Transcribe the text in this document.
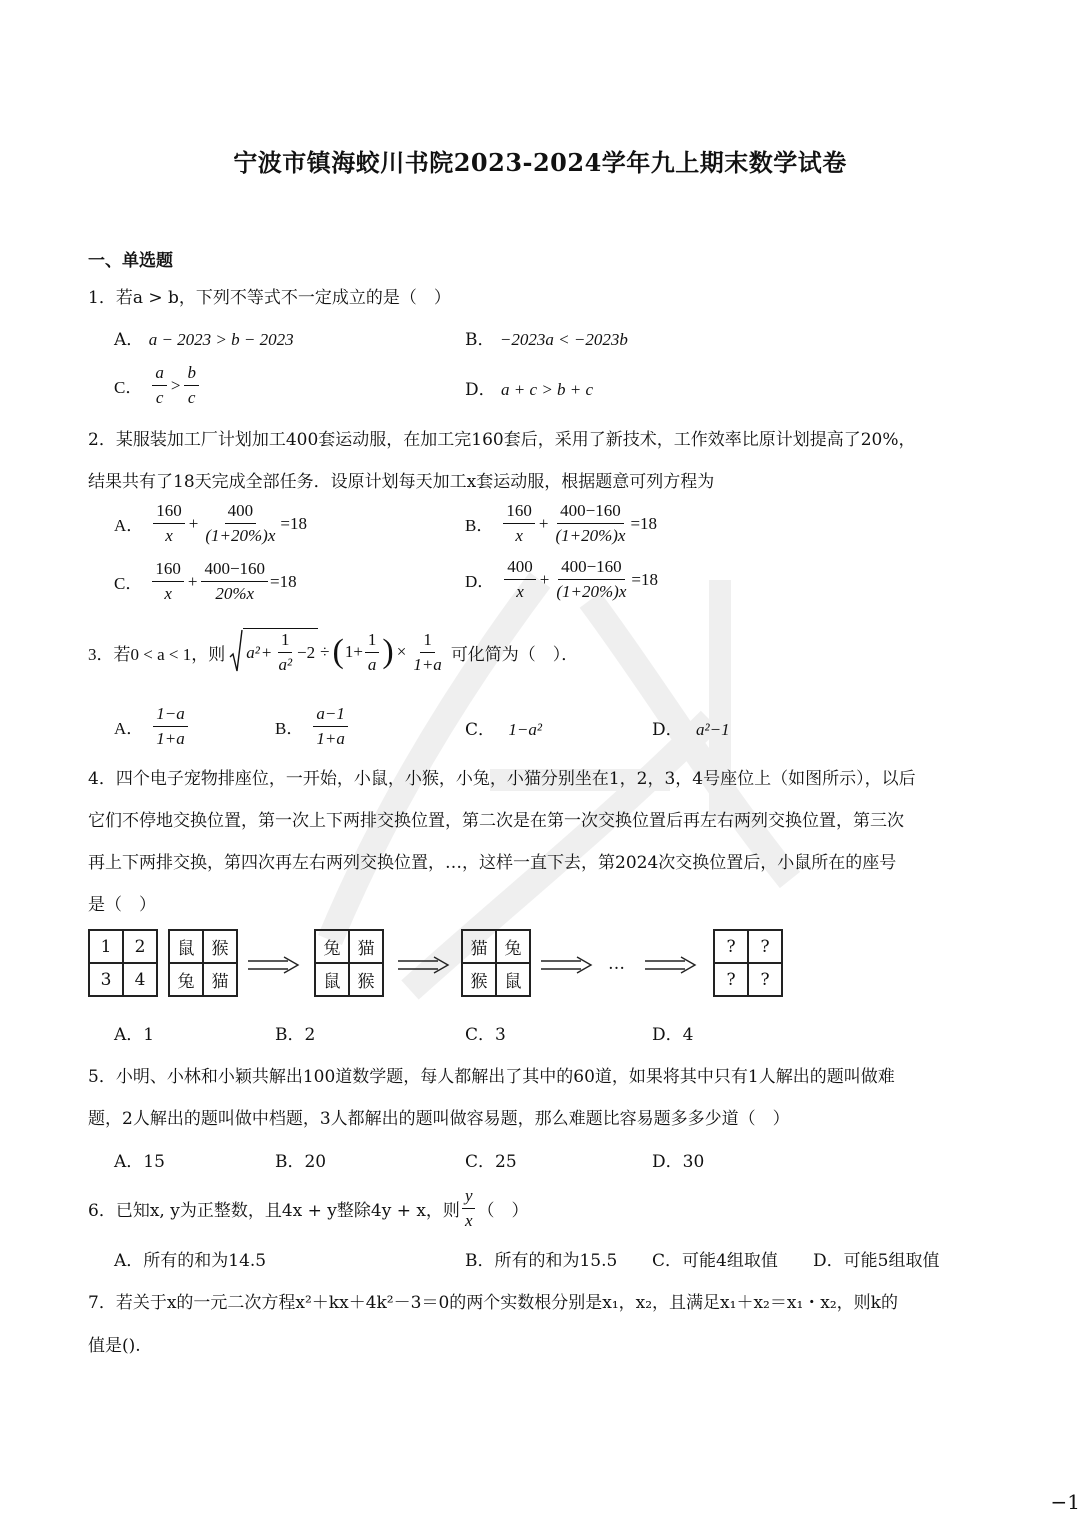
宁波市镇海蛟川书院2023-2024学年九上期末数学试卷
一、单选题
1．若a > b，下列不等式不一定成立的是（　）
A． a − 2023 > b − 2023	B． −2023a < −2023b
C． $\frac{a}{c} > \frac{b}{c}$	D． a + c > b + c
2．某服装加工厂计划加工400套运动服，在加工完160套后，采用了新技术，工作效率比原计划提高了20%，
结果共有了18天完成全部任务．设原计划每天加工x套运动服，根据题意可列方程为
A． $\frac{160}{x} + \frac{400}{(1+20\%)x} =18$	B． $\frac{160}{x} + \frac{400-160}{(1+20\%)x} =18$
C． $\frac{160}{x} + \frac{400-160}{20\%x} =18$	D． $\frac{400}{x} + \frac{400-160}{(1+20\%)x} =18$
3．若0 < a < 1，则 $a^2 + \frac{1}{\text{a²}} -2$ ÷ ( $1+ \frac{1}{a}$ ) × $\frac{1}{1+a}$ 可化简为（　）．
A． $\frac{1-a}{1+a}$	B． $\frac{a-1}{1+a}$	C． 1−a²	D． a²−1
4．四个电子宠物排座位，一开始，小鼠，小猴，小兔，小猫分别坐在1，2，3，4号座位上（如图所示），以后
它们不停地交换位置，第一次上下两排交换位置，第二次是在第一次交换位置后再左右两列交换位置，第三次
再上下两排交换，第四次再左右两列交换位置，…，这样一直下去，第2024次交换位置后，小鼠所在的座号
是（　）
1	2
3	4
鼠	猴
兔	猫
兔	猫
鼠	猴
猫	兔
猴	鼠
…
?	?
?	?
A．1	B．2	C．3	D．4
5．小明、小林和小颖共解出100道数学题，每人都解出了其中的60道，如果将其中只有1人解出的题叫做难
题，2人解出的题叫做中档题，3人都解出的题叫做容易题，那么难题比容易题多多少道（　）
A．15	B．20	C．25	D．30
6．已知x, y为正整数，且4x + y整除4y + x，则 $\frac{y}{x}$ （　）
A．所有的和为14.5	B．所有的和为15.5 C．可能4组取值 D．可能5组取值
7．若关于x的一元二次方程x²＋kx＋4k²－3＝0的两个实数根分别是x₁，x₂，且满足x₁＋x₂＝x₁・x₂，则k的
值是().
−1
